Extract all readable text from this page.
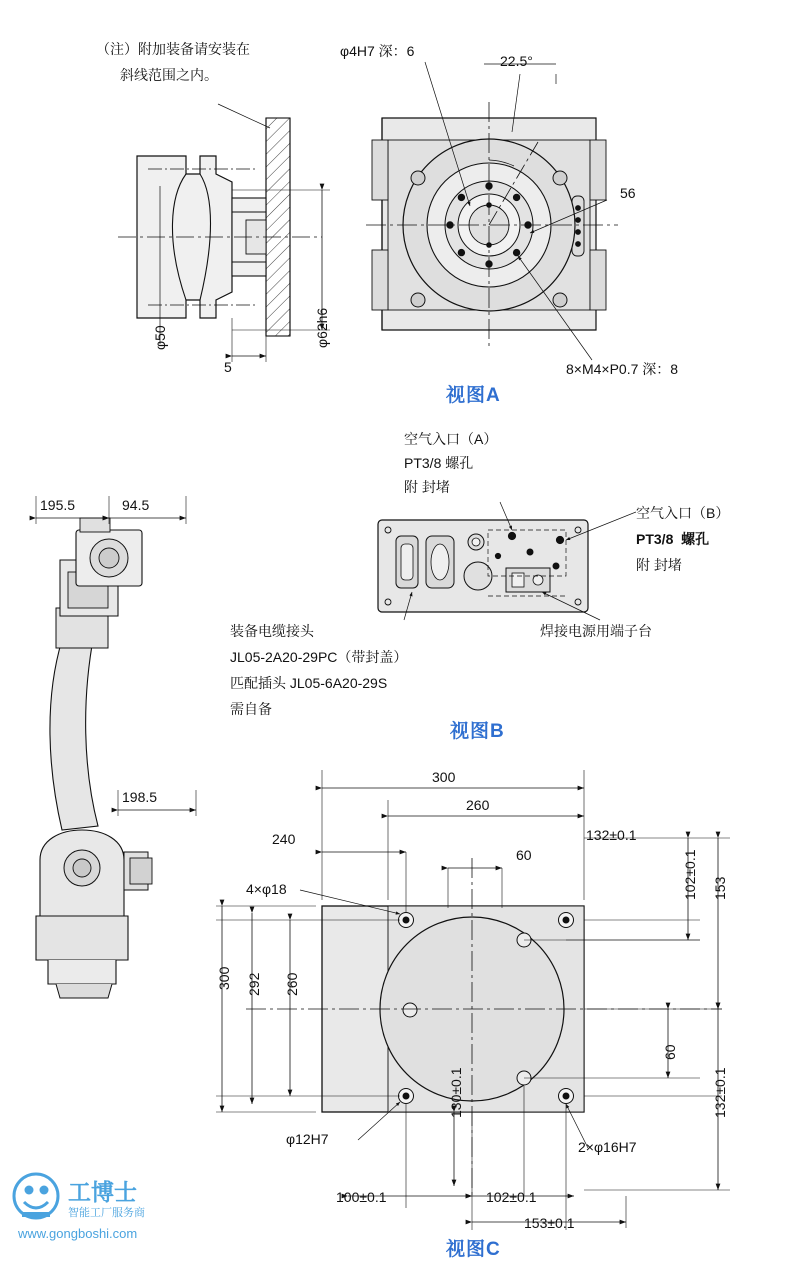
（注）附加装备请安装在
斜线范围之内。
φ4H7 深：6
22.5°
56
8×M4×P0.7 深：8
φ50	φ62h6
5
视图A
空气入口（A）
PT3/8 螺孔
附 封堵
空气入口（B）
PT3/8  螺孔
附 封堵
焊接电源用端子台
装备电缆接头
JL05-2A20-29PC（带封盖）
匹配插头 JL05-6A20-29S
需自备
视图B
195.5	94.5
198.5
300
260
240
60
132±0.1
102±0.1 153
60
132±0.1
4×φ18
300 292 260
φ12H7	2×φ16H7
130±0.1
100±0.1	102±0.1
153±0.1
视图C
工博士
智能工厂服务商
www.gongboshi.com
